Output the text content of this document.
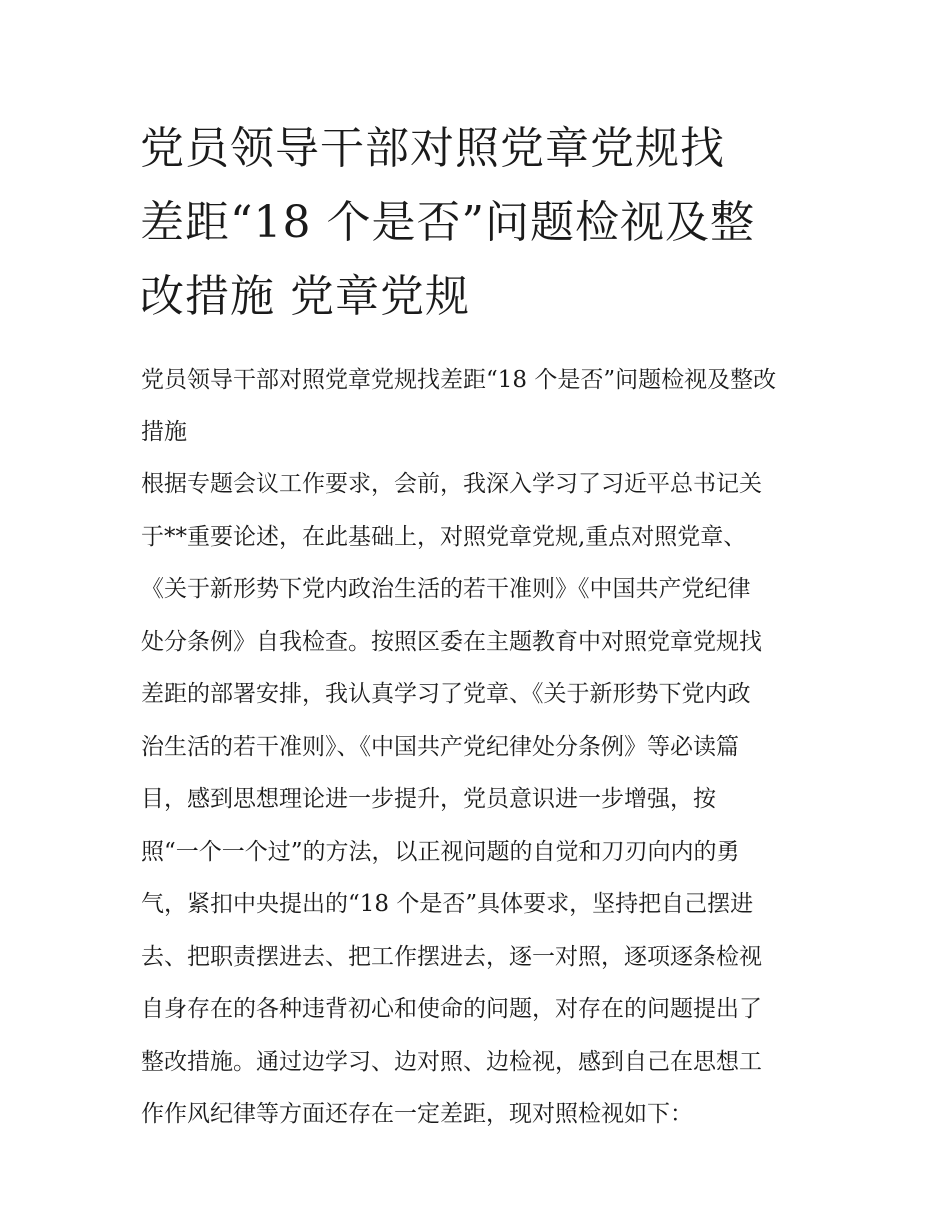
党员领导干部对照党章党规找
差距“18 个是否”问题检视及整
改措施 党章党规

党员领导干部对照党章党规找差距“18 个是否”问题检视及整改
措施

根据专题会议工作要求，会前，我深入学习了习近平总书记关
于**重要论述，在此基础上，对照党章党规,重点对照党章、
《关于新形势下党内政治生活的若干准则》《中国共产党纪律
处分条例》自我检查。按照区委在主题教育中对照党章党规找
差距的部署安排，我认真学习了党章、《关于新形势下党内政
治生活的若干准则》、《中国共产党纪律处分条例》等必读篇
目，感到思想理论进一步提升，党员意识进一步增强，按
照“一个一个过”的方法，以正视问题的自觉和刀刃向内的勇
气，紧扣中央提出的“18 个是否”具体要求，坚持把自己摆进
去、把职责摆进去、把工作摆进去，逐一对照，逐项逐条检视
自身存在的各种违背初心和使命的问题，对存在的问题提出了
整改措施。通过边学习、边对照、边检视，感到自己在思想工
作作风纪律等方面还存在一定差距，现对照检视如下：
